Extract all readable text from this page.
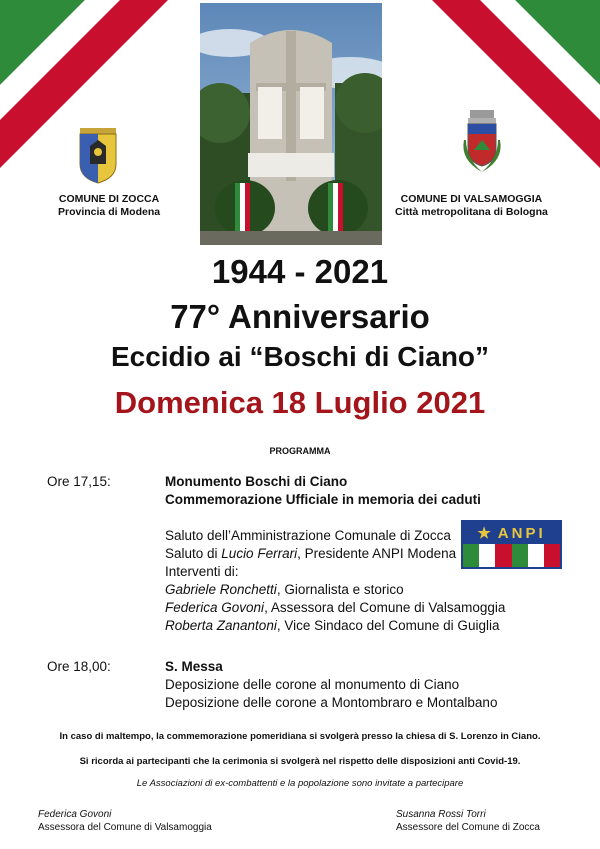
COMUNE DI ZOCCA
Provincia di Modena
COMUNE DI VALSAMOGGIA
Città metropolitana di Bologna
1944 - 2021
77° Anniversario
Eccidio ai “Boschi di Ciano”
Domenica 18 Luglio 2021
PROGRAMMA
Ore 17,15:	Monumento Boschi di Ciano
Commemorazione Ufficiale in memoria dei caduti
Saluto dell’Amministrazione Comunale di Zocca
Saluto di Lucio Ferrari, Presidente ANPI Modena
Interventi di:
Gabriele Ronchetti, Giornalista e storico
Federica Govoni, Assessora del Comune di Valsamoggia
Roberta Zanantoni, Vice Sindaco del Comune di Guiglia
★ ANPI
Ore 18,00:	S. Messa
Deposizione delle corone al monumento di Ciano
Deposizione delle corone a Montombraro e Montalbano
In caso di maltempo, la commemorazione pomeridiana si svolgerà presso la chiesa di S. Lorenzo in Ciano.
Si ricorda ai partecipanti che la cerimonia si svolgerà nel rispetto delle disposizioni anti Covid-19.
Le Associazioni di ex-combattenti e la popolazione sono invitate a partecipare
Federica Govoni
Assessora del Comune di Valsamoggia
Susanna Rossi Torri
Assessore del Comune di Zocca
